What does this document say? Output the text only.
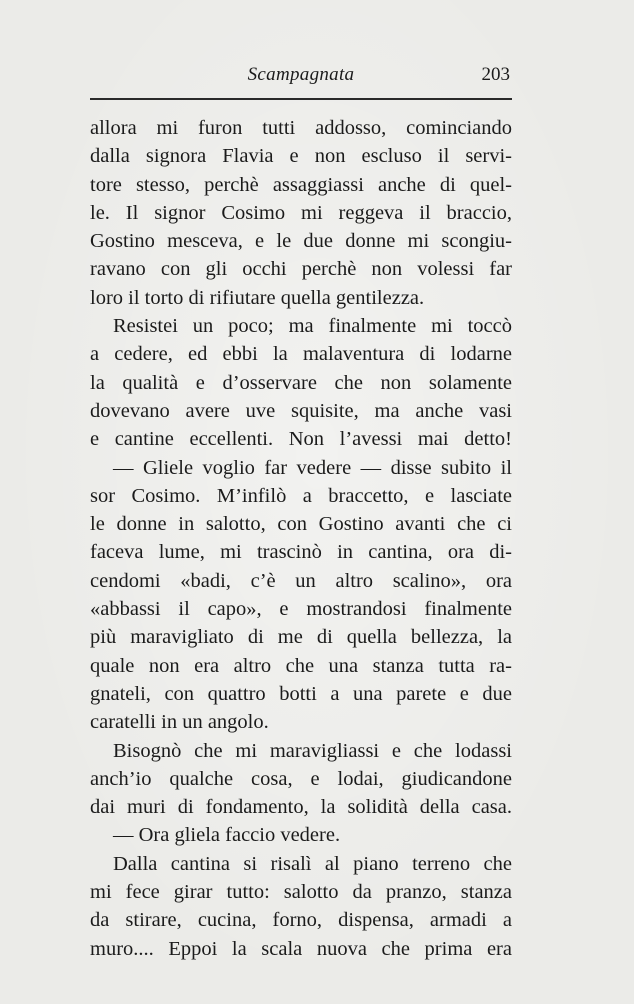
Scampagnata	203
allora mi furon tutti addosso, cominciando
dalla signora Flavia e non escluso il servi-
tore stesso, perchè assaggiassi anche di quel-
le. Il signor Cosimo mi reggeva il braccio,
Gostino mesceva, e le due donne mi scongiu-
ravano con gli occhi perchè non volessi far
loro il torto di rifiutare quella gentilezza.
Resistei un poco; ma finalmente mi toccò
a cedere, ed ebbi la malaventura di lodarne
la qualità e d’osservare che non solamente
dovevano avere uve squisite, ma anche vasi
e cantine eccellenti. Non l’avessi mai detto!
— Gliele voglio far vedere — disse subito il
sor Cosimo. M’infilò a braccetto, e lasciate
le donne in salotto, con Gostino avanti che ci
faceva lume, mi trascinò in cantina, ora di-
cendomi «badi, c’è un altro scalino», ora
«abbassi il capo», e mostrandosi finalmente
più maravigliato di me di quella bellezza, la
quale non era altro che una stanza tutta ra-
gnateli, con quattro botti a una parete e due
caratelli in un angolo.
Bisognò che mi maravigliassi e che lodassi
anch’io qualche cosa, e lodai, giudicandone
dai muri di fondamento, la solidità della casa.
— Ora gliela faccio vedere.
Dalla cantina si risalì al piano terreno che
mi fece girar tutto: salotto da pranzo, stanza
da stirare, cucina, forno, dispensa, armadi a
muro.... Eppoi la scala nuova che prima era
